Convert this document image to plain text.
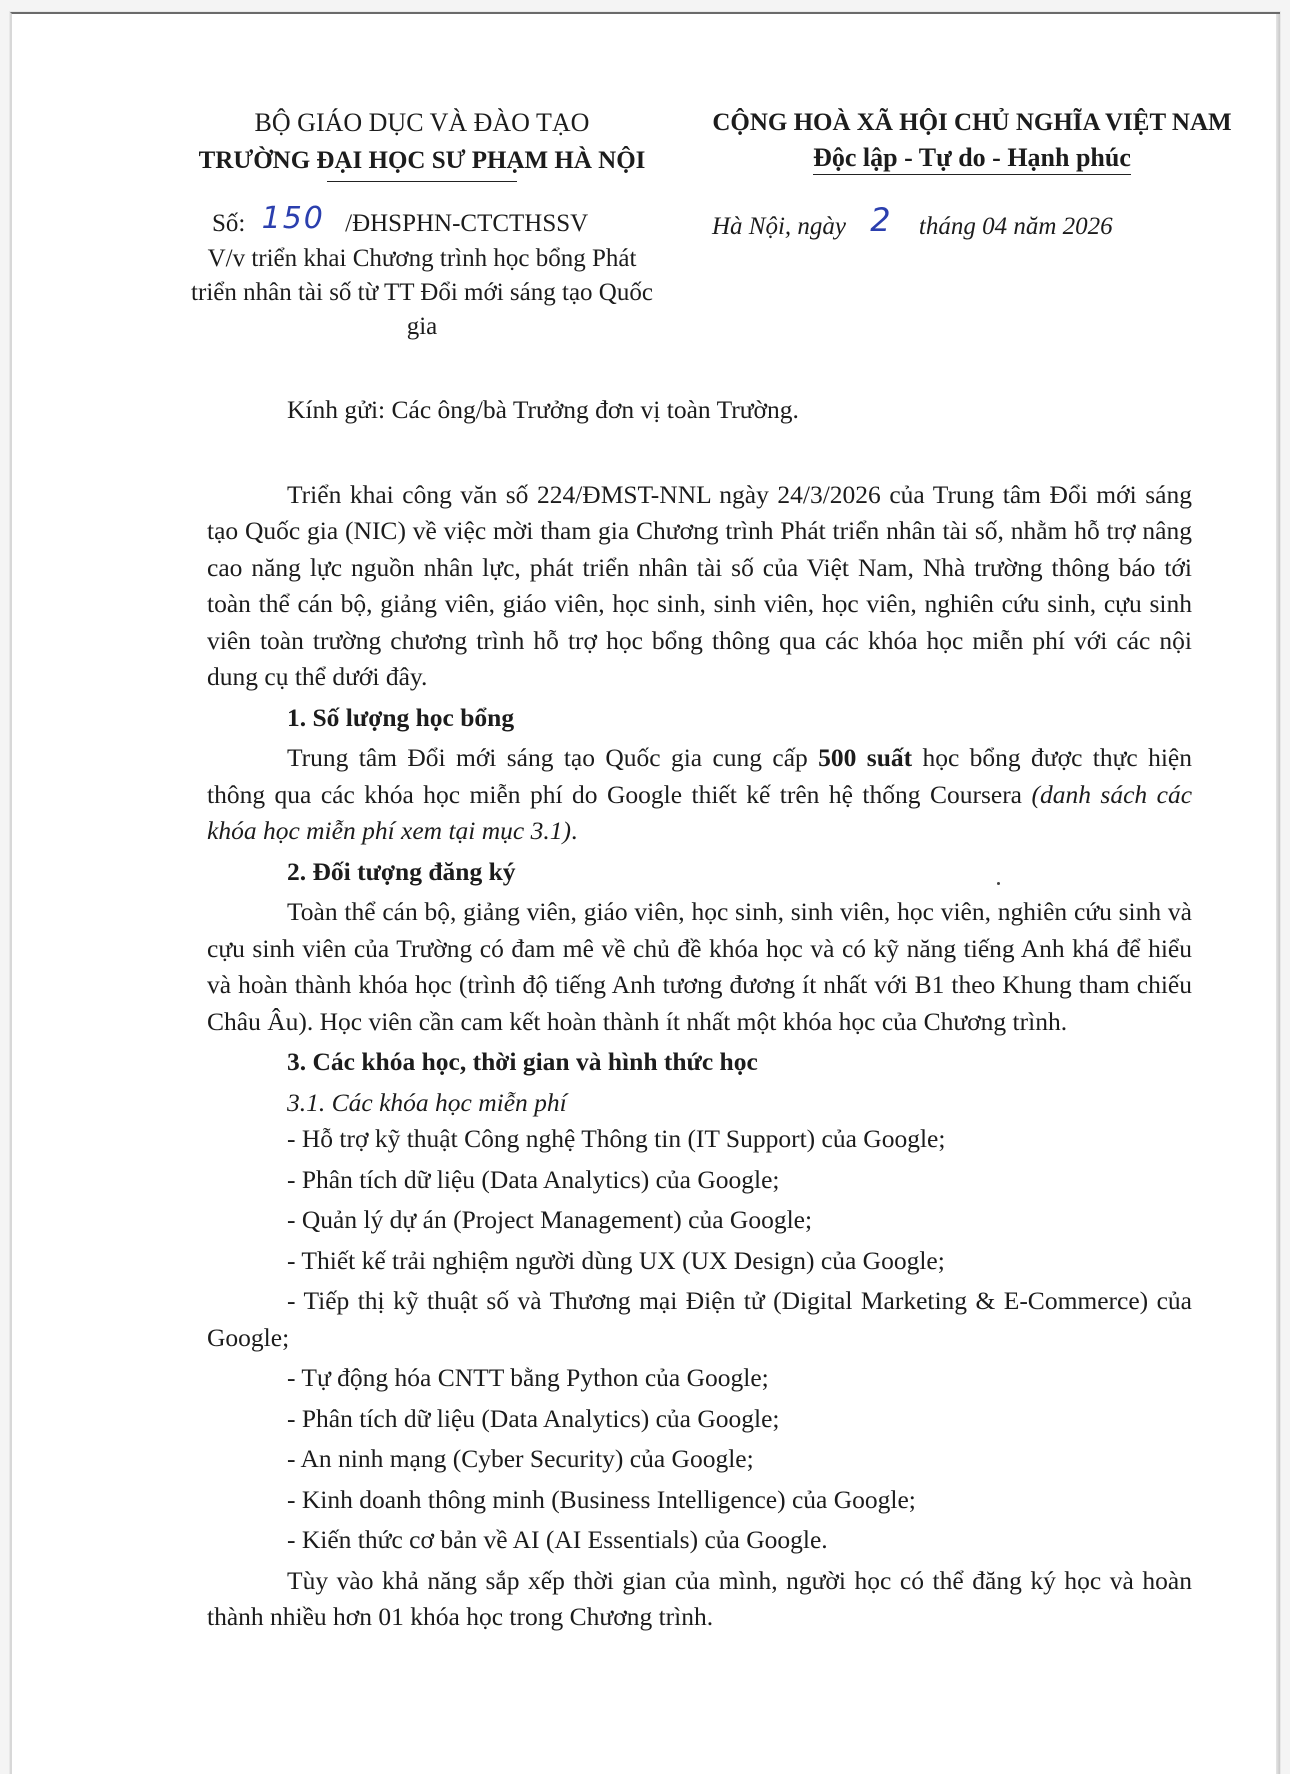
BỘ GIÁO DỤC VÀ ĐÀO TẠO
TRƯỜNG ĐẠI HỌC SƯ PHẠM HÀ NỘI
CỘNG HOÀ XÃ HỘI CHỦ NGHĨA VIỆT NAM
Độc lập - Tự do - Hạnh phúc
Số: 150 /ĐHSPHN-CTCTHSSV
V/v triển khai Chương trình học bổng Phát triển nhân tài số từ TT Đổi mới sáng tạo Quốc gia
Hà Nội, ngày 2 tháng 04 năm 2026

Kính gửi: Các ông/bà Trưởng đơn vị toàn Trường.

Triển khai công văn số 224/ĐMST-NNL ngày 24/3/2026 của Trung tâm Đổi mới sáng tạo Quốc gia (NIC) về việc mời tham gia Chương trình Phát triển nhân tài số, nhằm hỗ trợ nâng cao năng lực nguồn nhân lực, phát triển nhân tài số của Việt Nam, Nhà trường thông báo tới toàn thể cán bộ, giảng viên, giáo viên, học sinh, sinh viên, học viên, nghiên cứu sinh, cựu sinh viên toàn trường chương trình hỗ trợ học bổng thông qua các khóa học miễn phí với các nội dung cụ thể dưới đây.

1. Số lượng học bổng

Trung tâm Đổi mới sáng tạo Quốc gia cung cấp 500 suất học bổng được thực hiện thông qua các khóa học miễn phí do Google thiết kế trên hệ thống Coursera (danh sách các khóa học miễn phí xem tại mục 3.1).

2. Đối tượng đăng ký

Toàn thể cán bộ, giảng viên, giáo viên, học sinh, sinh viên, học viên, nghiên cứu sinh và cựu sinh viên của Trường có đam mê về chủ đề khóa học và có kỹ năng tiếng Anh khá để hiểu và hoàn thành khóa học (trình độ tiếng Anh tương đương ít nhất với B1 theo Khung tham chiếu Châu Âu). Học viên cần cam kết hoàn thành ít nhất một khóa học của Chương trình.

3. Các khóa học, thời gian và hình thức học

3.1. Các khóa học miễn phí

- Hỗ trợ kỹ thuật Công nghệ Thông tin (IT Support) của Google;

- Phân tích dữ liệu (Data Analytics) của Google;

- Quản lý dự án (Project Management) của Google;

- Thiết kế trải nghiệm người dùng UX (UX Design) của Google;

- Tiếp thị kỹ thuật số và Thương mại Điện tử (Digital Marketing & E-Commerce) của Google;

- Tự động hóa CNTT bằng Python của Google;

- Phân tích dữ liệu (Data Analytics) của Google;

- An ninh mạng (Cyber Security) của Google;

- Kinh doanh thông minh (Business Intelligence) của Google;

- Kiến thức cơ bản về AI (AI Essentials) của Google.

Tùy vào khả năng sắp xếp thời gian của mình, người học có thể đăng ký học và hoàn thành nhiều hơn 01 khóa học trong Chương trình.
